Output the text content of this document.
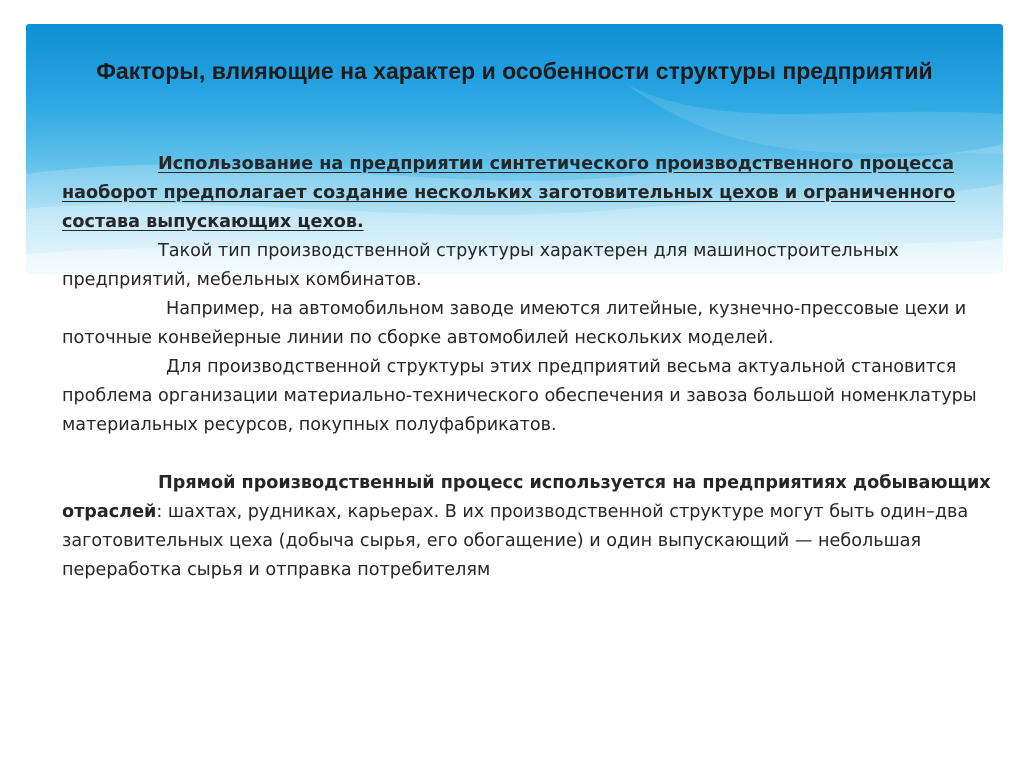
Факторы, влияющие на характер и особенности структуры предприятий

Использование на предприятии синтетического производственного процесса наоборот предполагает создание нескольких заготовительных цехов и ограниченного состава выпускающих цехов.

Такой тип производственной структуры характерен для машиностроительных предприятий, мебельных комбинатов.

Например, на автомобильном заводе имеются литейные, кузнечно-прессовые цехи и поточные конвейерные линии по сборке автомобилей нескольких моделей.

Для производственной структуры этих предприятий весьма актуальной становится проблема организации материально-технического обеспечения и завоза большой номенклатуры материальных ресурсов, покупных полуфабрикатов.

Прямой производственный процесс используется на предприятиях добывающих отраслей: шахтах, рудниках, карьерах. В их производственной структуре могут быть один–два заготовительных цеха (добыча сырья, его обогащение) и один выпускающий — небольшая переработка сырья и отправка потребителям
